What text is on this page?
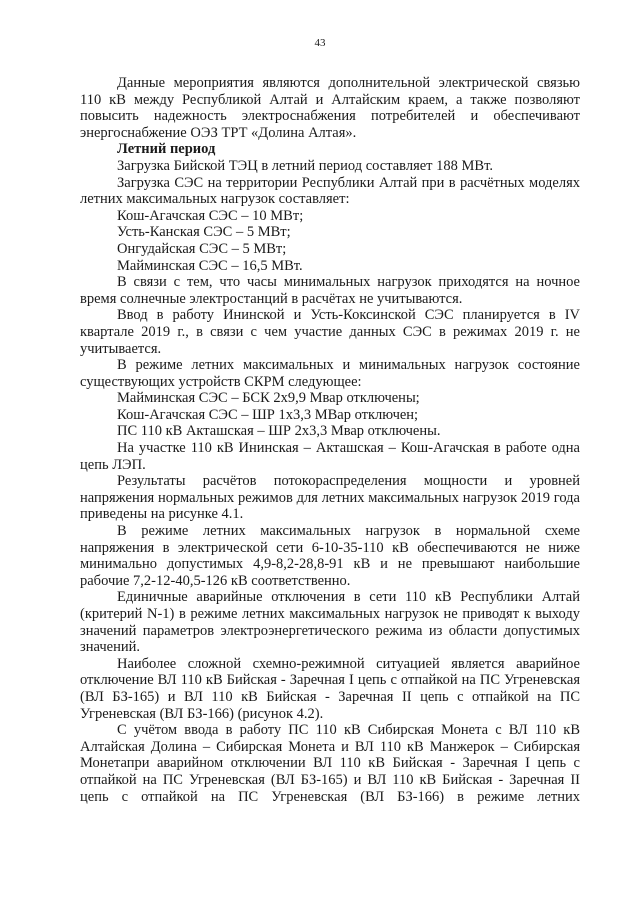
43

Данные мероприятия являются дополнительной электрической связью 110 кВ между Республикой Алтай и Алтайским краем, а также позволяют повысить надежность электроснабжения потребителей и обеспечивают энергоснабжение ОЭЗ ТРТ «Долина Алтая».

Летний период

Загрузка Бийской ТЭЦ в летний период составляет 188 МВт.

Загрузка СЭС на территории Республики Алтай при в расчётных моделях летних максимальных нагрузок составляет:

Кош-Агачская СЭС – 10 МВт;

Усть-Канская СЭС – 5 МВт;

Онгудайская СЭС – 5 МВт;

Майминская СЭС – 16,5 МВт.

В связи с тем, что часы минимальных нагрузок приходятся на ночное время солнечные электростанций в расчётах не учитываются.

Ввод в работу Ининской и Усть-Коксинской СЭС планируется в IV квартале 2019 г., в связи с чем участие данных СЭС в режимах 2019 г. не учитывается.

В режиме летних максимальных и минимальных нагрузок состояние существующих устройств СКРМ следующее:

Майминская СЭС – БСК 2х9,9 Мвар отключены;

Кош-Агачская СЭС – ШР 1х3,3 МВар отключен;

ПС 110 кВ Акташская – ШР 2х3,3 Мвар отключены.

На участке 110 кВ Ининская – Акташская – Кош-Агачская в работе одна цепь ЛЭП.

Результаты расчётов потокораспределения мощности и уровней напряжения нормальных режимов для летних максимальных нагрузок 2019 года приведены на рисунке 4.1.

В режиме летних максимальных нагрузок в нормальной схеме напряжения в электрической сети 6-10-35-110 кВ обеспечиваются не ниже минимально допустимых 4,9-8,2-28,8-91 кВ и не превышают наибольшие рабочие 7,2-12-40,5-126 кВ соответственно.

Единичные аварийные отключения в сети 110 кВ Республики Алтай (критерий N-1) в режиме летних максимальных нагрузок не приводят к выходу значений параметров электроэнергетического режима из области допустимых значений.

Наиболее сложной схемно-режимной ситуацией является аварийное отключение ВЛ 110 кВ Бийская - Заречная I цепь с отпайкой на ПС Угреневская (ВЛ БЗ-165) и ВЛ 110 кВ Бийская - Заречная II цепь с отпайкой на ПС Угреневская (ВЛ БЗ-166) (рисунок 4.2).

С учётом ввода в работу ПС 110 кВ Сибирская Монета с ВЛ 110 кВ Алтайская Долина – Сибирская Монета и ВЛ 110 кВ Манжерок – Сибирская Монетапри аварийном отключении ВЛ 110 кВ Бийская - Заречная I цепь с отпайкой на ПС Угреневская (ВЛ БЗ-165) и ВЛ 110 кВ Бийская - Заречная II цепь с отпайкой на ПС Угреневская (ВЛ БЗ-166) в режиме летних
